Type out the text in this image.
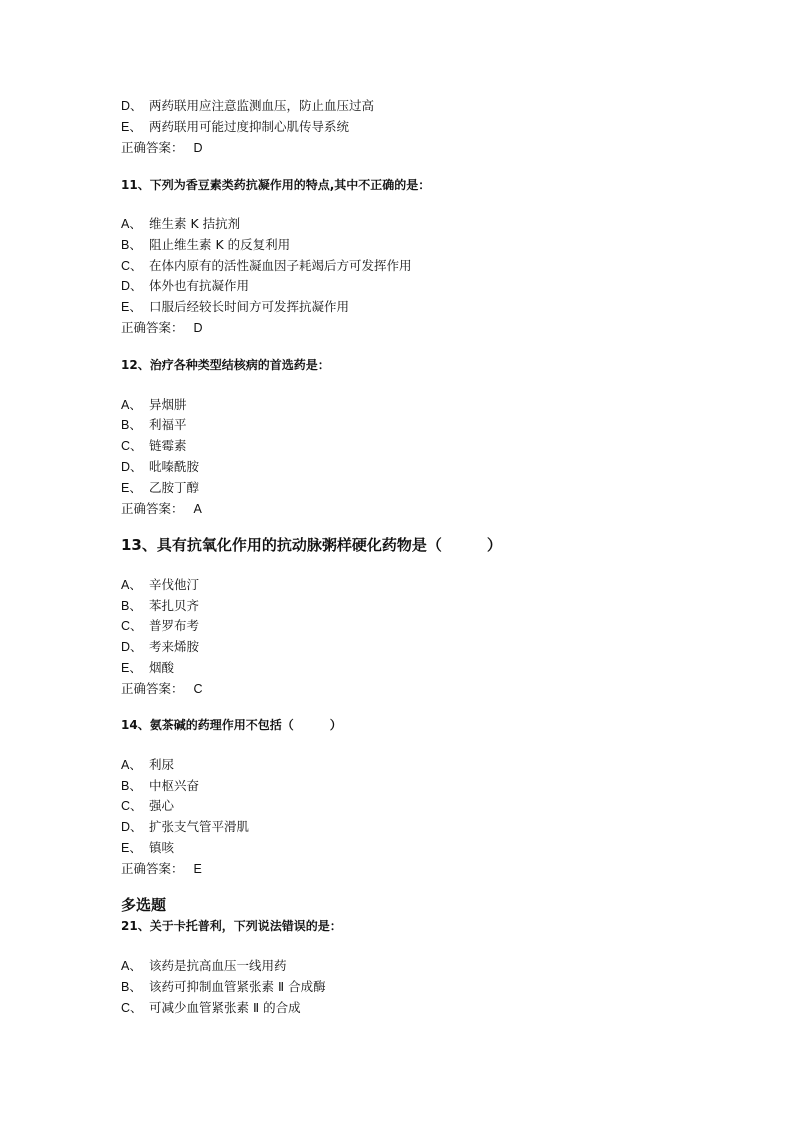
D、 两药联用应注意监测血压，防止血压过高
E、 两药联用可能过度抑制心肌传导系统
正确答案： D
11、下列为香豆素类药抗凝作用的特点,其中不正确的是：
A、 维生素 K 拮抗剂
B、 阻止维生素 K 的反复利用
C、 在体内原有的活性凝血因子耗竭后方可发挥作用
D、 体外也有抗凝作用
E、 口服后经较长时间方可发挥抗凝作用
正确答案： D
12、治疗各种类型结核病的首选药是：
A、 异烟肼
B、 利福平
C、 链霉素
D、 吡嗪酰胺
E、 乙胺丁醇
正确答案： A
13、具有抗氧化作用的抗动脉粥样硬化药物是（　　　）
A、 辛伐他汀
B、 苯扎贝齐
C、 普罗布考
D、 考来烯胺
E、 烟酸
正确答案： C
14、氨茶碱的药理作用不包括（　　　）
A、 利尿
B、 中枢兴奋
C、 强心
D、 扩张支气管平滑肌
E、 镇咳
正确答案： E
多选题
21、关于卡托普利，下列说法错误的是：
A、 该药是抗高血压一线用药
B、 该药可抑制血管紧张素 Ⅱ 合成酶
C、 可减少血管紧张素 Ⅱ 的合成
